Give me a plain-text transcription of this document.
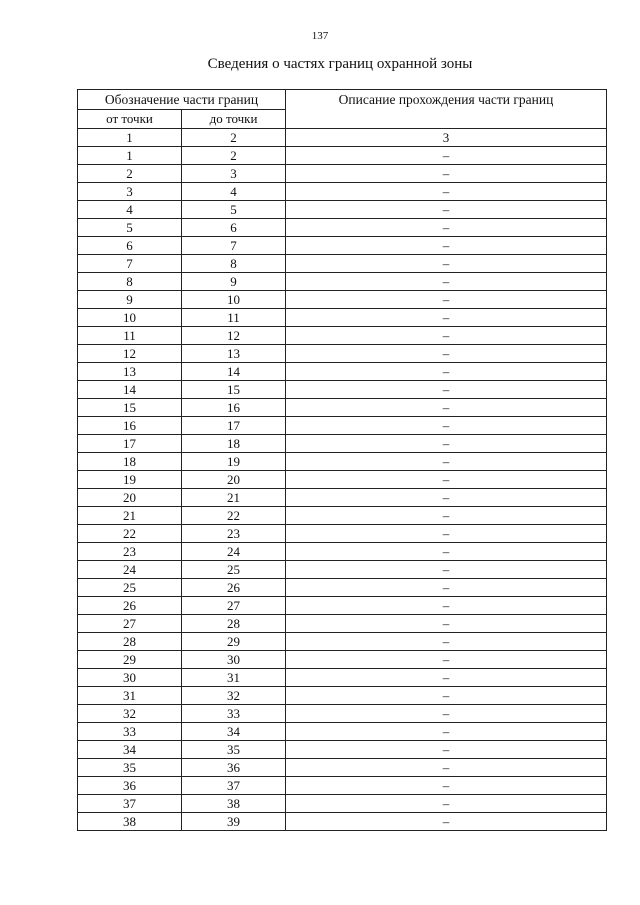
137
Сведения о частях границ охранной зоны
Обозначение части границ		Описание прохождения части границ
от точки	до точки	
1	2	3
1	2	–
2	3	–
3	4	–
4	5	–
5	6	–
6	7	–
7	8	–
8	9	–
9	10	–
10	11	–
11	12	–
12	13	–
13	14	–
14	15	–
15	16	–
16	17	–
17	18	–
18	19	–
19	20	–
20	21	–
21	22	–
22	23	–
23	24	–
24	25	–
25	26	–
26	27	–
27	28	–
28	29	–
29	30	–
30	31	–
31	32	–
32	33	–
33	34	–
34	35	–
35	36	–
36	37	–
37	38	–
38	39	–
